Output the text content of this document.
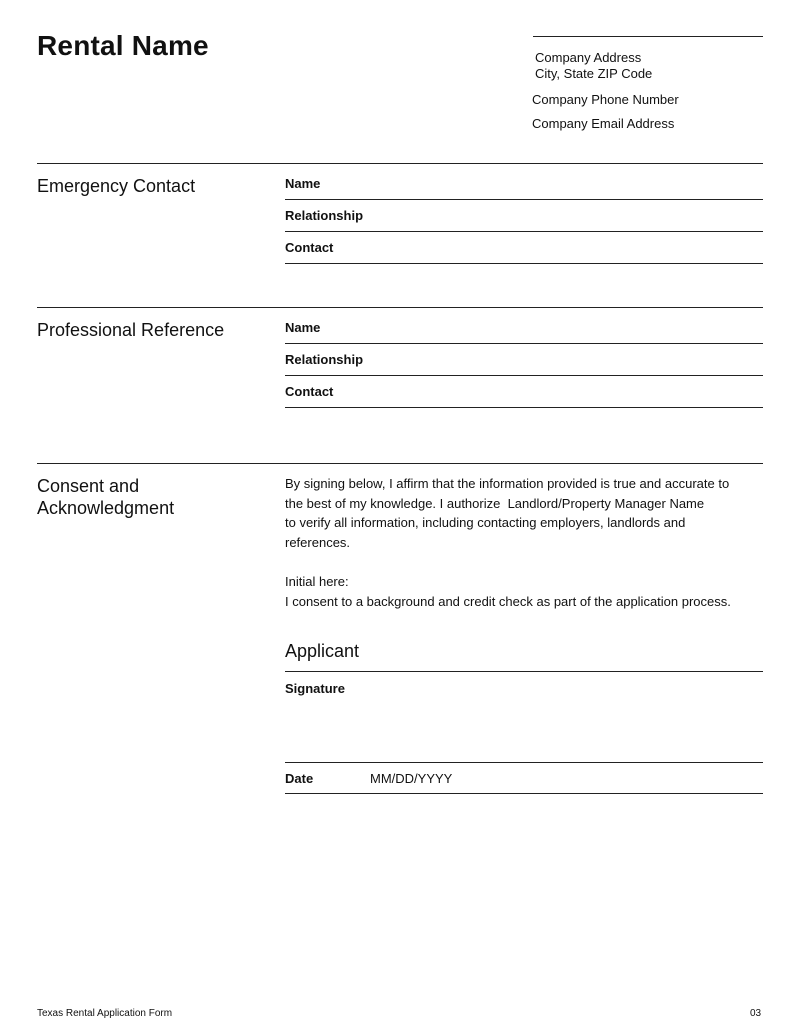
Rental Name	Company Address
City, State ZIP Code
Company Phone Number
Company Email Address
Emergency Contact	Name
Relationship
Contact
Professional Reference	Name
Relationship
Contact
Consent and
Acknowledgment
By signing below, I affirm that the information provided is true and accurate to
the best of my knowledge. I authorize  Landlord/Property Manager Name
to verify all information, including contacting employers, landlords and
references.
Initial here:
I consent to a background and credit check as part of the application process.
Applicant
Signature
Date	MM/DD/YYYY
Texas Rental Application Form	03
